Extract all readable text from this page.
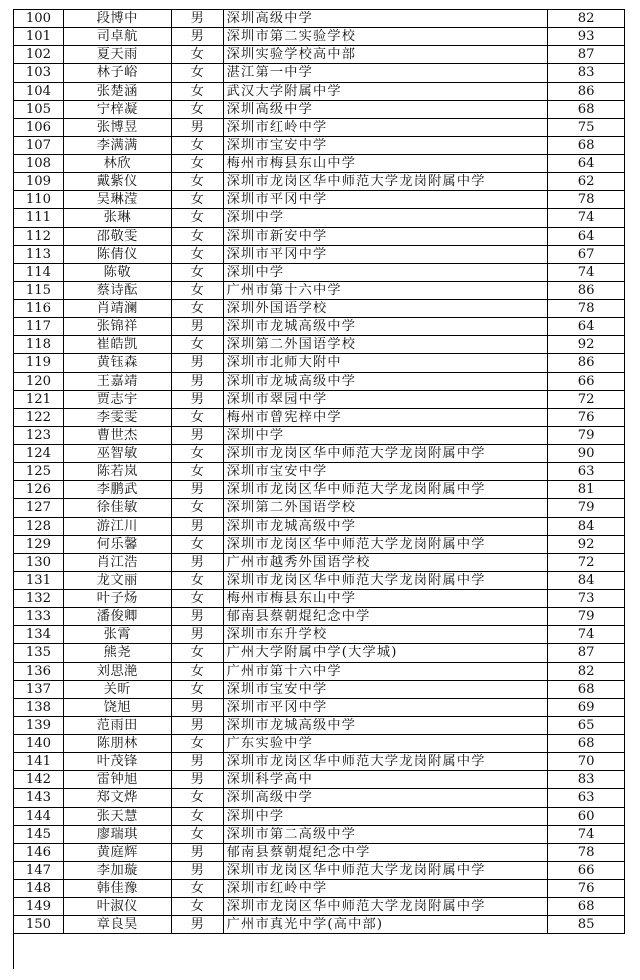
100	段博中	男	深圳高级中学	82
101	司卓航	男	深圳市第二实验学校	93
102	夏天雨	女	深圳实验学校高中部	87
103	林子峪	女	湛江第一中学	83
104	张楚涵	女	武汉大学附属中学	86
105	宁梓凝	女	深圳高级中学	68
106	张博昱	男	深圳市红岭中学	75
107	李满满	女	深圳市宝安中学	68
108	林欣	女	梅州市梅县东山中学	64
109	戴紫仪	女	深圳市龙岗区华中师范大学龙岗附属中学	62
110	吴琳滢	女	深圳市平冈中学	78
111	张琳	女	深圳中学	74
112	邵敬雯	女	深圳市新安中学	64
113	陈倩仪	女	深圳市平冈中学	67
114	陈敬	女	深圳中学	74
115	蔡诗酝	女	广州市第十六中学	86
116	肖靖澜	女	深圳外国语学校	78
117	张锦祥	男	深圳市龙城高级中学	64
118	崔皓凯	女	深圳第二外国语学校	92
119	黄钰森	男	深圳市北师大附中	86
120	王嘉靖	男	深圳市龙城高级中学	66
121	贾志宇	男	深圳市翠园中学	72
122	李雯雯	女	梅州市曾宪梓中学	76
123	曹世杰	男	深圳中学	79
124	巫智敏	女	深圳市龙岗区华中师范大学龙岗附属中学	90
125	陈若岚	女	深圳市宝安中学	63
126	李鹏武	男	深圳市龙岗区华中师范大学龙岗附属中学	81
127	徐佳敏	女	深圳第二外国语学校	79
128	游江川	男	深圳市龙城高级中学	84
129	何乐馨	女	深圳市龙岗区华中师范大学龙岗附属中学	92
130	肖江浩	男	广州市越秀外国语学校	72
131	龙文丽	女	深圳市龙岗区华中师范大学龙岗附属中学	84
132	叶子炀	女	梅州市梅县东山中学	73
133	潘俊卿	男	郁南县蔡朝焜纪念中学	79
134	张霄	男	深圳市东升学校	74
135	熊尧	女	广州大学附属中学(大学城)	87
136	刘思滟	女	广州市第十六中学	82
137	关昕	女	深圳市宝安中学	68
138	饶旭	男	深圳市平冈中学	69
139	范雨田	男	深圳市龙城高级中学	65
140	陈朋林	女	广东实验中学	68
141	叶茂锋	男	深圳市龙岗区华中师范大学龙岗附属中学	70
142	雷钟旭	男	深圳科学高中	83
143	郑文烨	女	深圳高级中学	63
144	张天慧	女	深圳中学	60
145	廖瑞琪	女	深圳市第二高级中学	74
146	黄庭辉	男	郁南县蔡朝焜纪念中学	78
147	李加璇	男	深圳市龙岗区华中师范大学龙岗附属中学	66
148	韩佳豫	女	深圳市红岭中学	76
149	叶淑仪	女	深圳市龙岗区华中师范大学龙岗附属中学	68
150	章良昊	男	广州市真光中学(高中部)	85
